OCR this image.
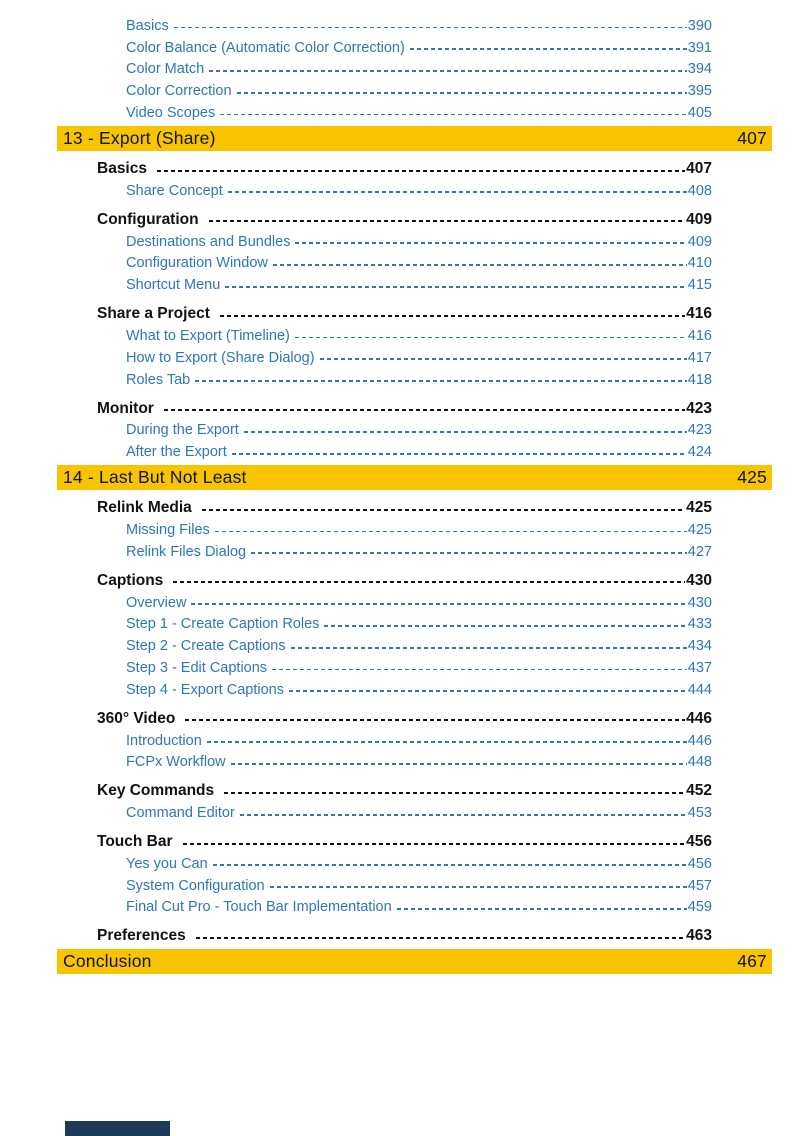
Basics	390
Color Balance (Automatic Color Correction)	391
Color Match	394
Color Correction	395
Video Scopes	405
13 - Export (Share)	407
Basics	407
Share Concept	408
Configuration	409
Destinations and Bundles	409
Configuration Window	410
Shortcut Menu	415
Share a Project	416
What to Export (Timeline)	416
How to Export (Share Dialog)	417
Roles Tab	418
Monitor	423
During the Export	423
After the Export	424
14 - Last But Not Least	425
Relink Media	425
Missing Files	425
Relink Files Dialog	427
Captions	430
Overview	430
Step 1 - Create Caption Roles	433
Step 2 - Create Captions	434
Step 3 - Edit Captions	437
Step 4 - Export Captions	444
360° Video	446
Introduction	446
FCPx Workflow	448
Key Commands	452
Command Editor	453
Touch Bar	456
Yes you Can	456
System Configuration	457
Final Cut Pro - Touch Bar Implementation	459
Preferences	463
Conclusion	467
